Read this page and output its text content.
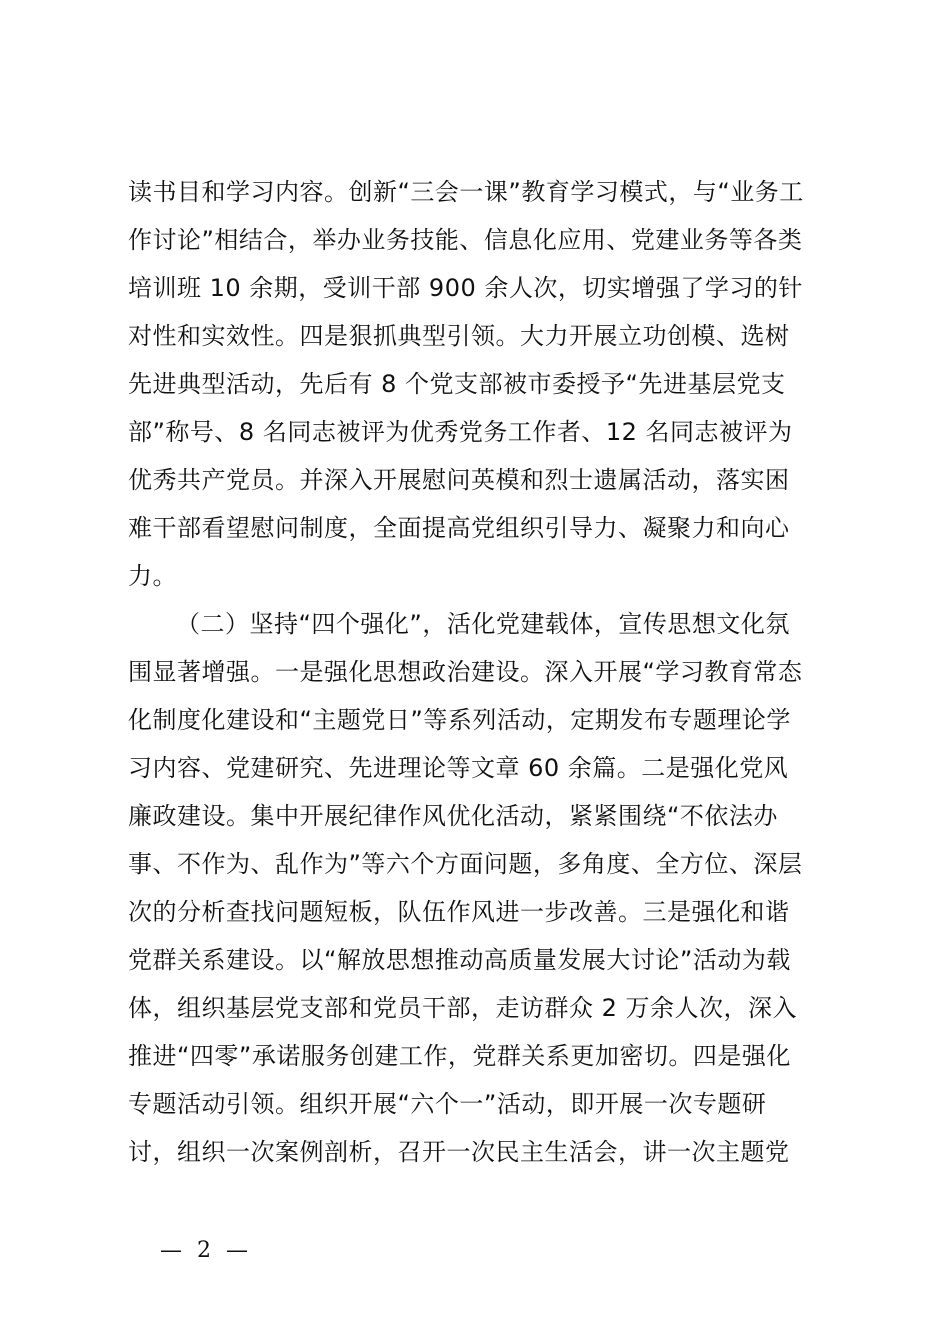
读书目和学习内容。创新“三会一课”教育学习模式，与“业务工
作讨论”相结合，举办业务技能、信息化应用、党建业务等各类
培训班 10 余期，受训干部 900 余人次，切实增强了学习的针
对性和实效性。四是狠抓典型引领。大力开展立功创模、选树
先进典型活动，先后有 8 个党支部被市委授予“先进基层党支
部”称号、8 名同志被评为优秀党务工作者、12 名同志被评为
优秀共产党员。并深入开展慰问英模和烈士遗属活动，落实困
难干部看望慰问制度，全面提高党组织引导力、凝聚力和向心
力。
（二）坚持“四个强化”，活化党建载体，宣传思想文化氛
围显著增强。一是强化思想政治建设。深入开展“学习教育常态
化制度化建设和“主题党日”等系列活动，定期发布专题理论学
习内容、党建研究、先进理论等文章 60 余篇。二是强化党风
廉政建设。集中开展纪律作风优化活动，紧紧围绕“不依法办
事、不作为、乱作为”等六个方面问题，多角度、全方位、深层
次的分析查找问题短板，队伍作风进一步改善。三是强化和谐
党群关系建设。以“解放思想推动高质量发展大讨论”活动为载
体，组织基层党支部和党员干部，走访群众 2 万余人次，深入
推进“四零”承诺服务创建工作，党群关系更加密切。四是强化
专题活动引领。组织开展“六个一”活动，即开展一次专题研
讨，组织一次案例剖析，召开一次民主生活会，讲一次主题党
— 2 —
